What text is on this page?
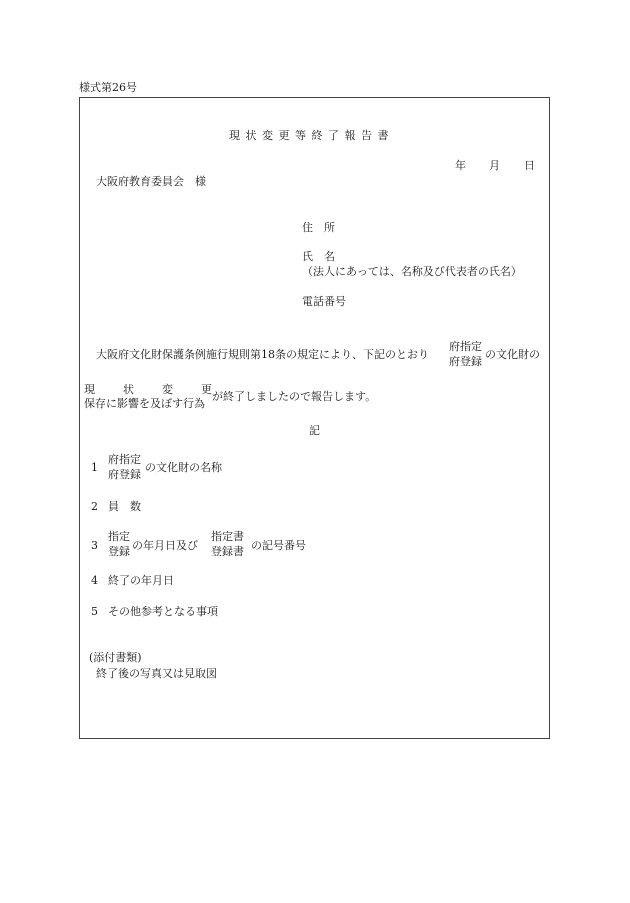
様式第26号
現 状 変 更 等 終 了 報 告 書
年 月 日
大阪府教育委員会　様
住　所
氏　名
（法人にあっては、名称及び代表者の氏名）
電話番号
大阪府文化財保護条例施行規則第18条の規定により、下記のとおり
府指定
府登録
の文化財の
現	状	変	更
保存に影響を及ぼす行為
が終了しましたので報告します。
記
1
府指定
府登録
の文化財の名称
2 員　数
3
指定
登録 の年月日及び
指定書
登録書 の記号番号
4 終了の年月日
5 その他参考となる事項
(添付書類)
終了後の写真又は見取図
